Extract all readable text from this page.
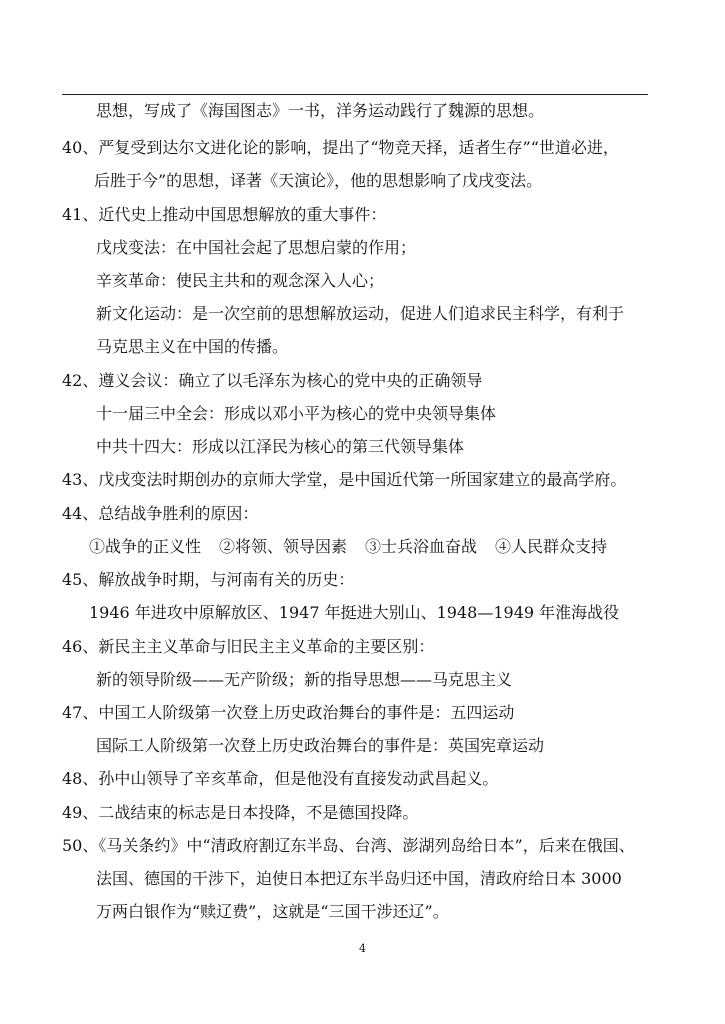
思想，写成了《海国图志》一书，洋务运动践行了魏源的思想。
40、严复受到达尔文进化论的影响，提出了“物竞天择，适者生存”“世道必进，
后胜于今”的思想，译著《天演论》，他的思想影响了戊戌变法。
41、近代史上推动中国思想解放的重大事件：
戊戌变法：在中国社会起了思想启蒙的作用；
辛亥革命：使民主共和的观念深入人心；
新文化运动：是一次空前的思想解放运动，促进人们追求民主科学，有利于
马克思主义在中国的传播。
42、遵义会议：确立了以毛泽东为核心的党中央的正确领导
十一届三中全会：形成以邓小平为核心的党中央领导集体
中共十四大：形成以江泽民为核心的第三代领导集体
43、戊戌变法时期创办的京师大学堂，是中国近代第一所国家建立的最高学府。
44、总结战争胜利的原因：
①战争的正义性 ②将领、领导因素 ③士兵浴血奋战 ④人民群众支持
45、解放战争时期，与河南有关的历史：
1946 年进攻中原解放区、1947 年挺进大别山、1948—1949 年淮海战役
46、新民主主义革命与旧民主主义革命的主要区别：
新的领导阶级——无产阶级；新的指导思想——马克思主义
47、中国工人阶级第一次登上历史政治舞台的事件是：五四运动
国际工人阶级第一次登上历史政治舞台的事件是：英国宪章运动
48、孙中山领导了辛亥革命，但是他没有直接发动武昌起义。
49、二战结束的标志是日本投降，不是德国投降。
50、《马关条约》中“清政府割辽东半岛、台湾、澎湖列岛给日本”，后来在俄国、
法国、德国的干涉下，迫使日本把辽东半岛归还中国，清政府给日本 3000
万两白银作为“赎辽费”，这就是“三国干涉还辽”。
4
